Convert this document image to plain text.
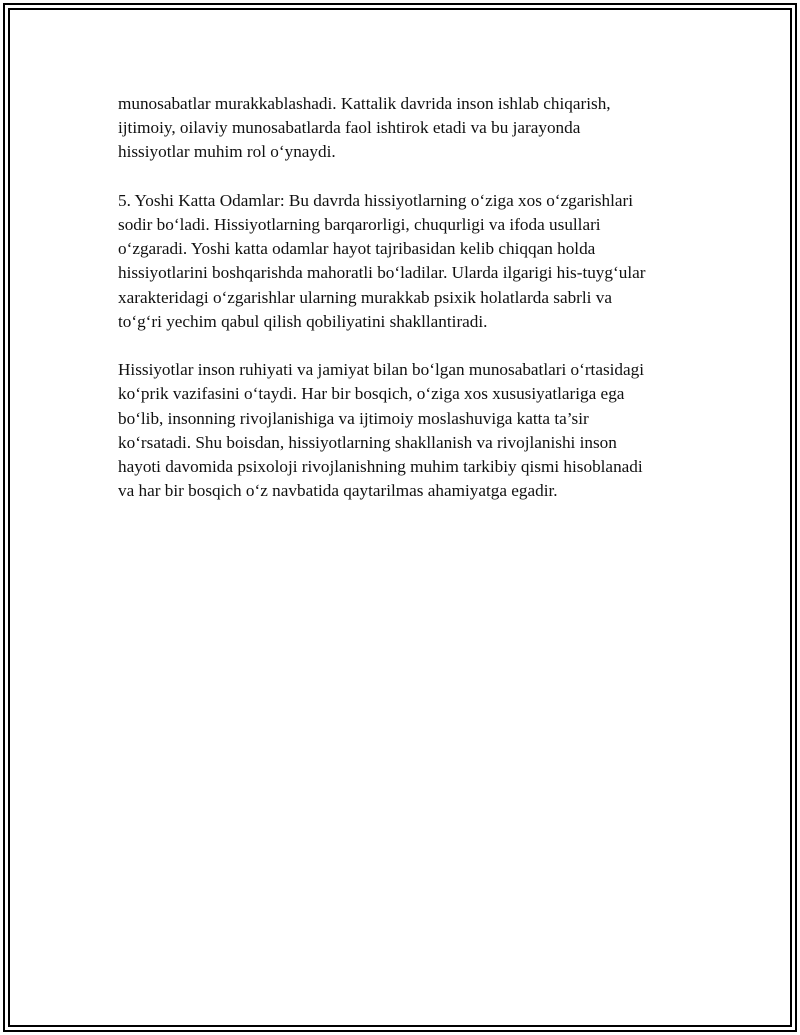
munosabatlar murakkablashadi. Kattalik davrida inson ishlab chiqarish,
ijtimoiy, oilaviy munosabatlarda faol ishtirok etadi va bu jarayonda
hissiyotlar muhim rol o‘ynaydi.

5. Yoshi Katta Odamlar: Bu davrda hissiyotlarning o‘ziga xos o‘zgarishlari
sodir bo‘ladi. Hissiyotlarning barqarorligi, chuqurligi va ifoda usullari
o‘zgaradi. Yoshi katta odamlar hayot tajribasidan kelib chiqqan holda
hissiyotlarini boshqarishda mahoratli bo‘ladilar. Ularda ilgarigi his-tuyg‘ular
xarakteridagi o‘zgarishlar ularning murakkab psixik holatlarda sabrli va
to‘g‘ri yechim qabul qilish qobiliyatini shakllantiradi.

Hissiyotlar inson ruhiyati va jamiyat bilan bo‘lgan munosabatlari o‘rtasidagi
ko‘prik vazifasini o‘taydi. Har bir bosqich, o‘ziga xos xususiyatlariga ega
bo‘lib, insonning rivojlanishiga va ijtimoiy moslashuviga katta ta’sir
ko‘rsatadi. Shu boisdan, hissiyotlarning shakllanish va rivojlanishi inson
hayoti davomida psixoloji rivojlanishning muhim tarkibiy qismi hisoblanadi
va har bir bosqich o‘z navbatida qaytarilmas ahamiyatga egadir.
